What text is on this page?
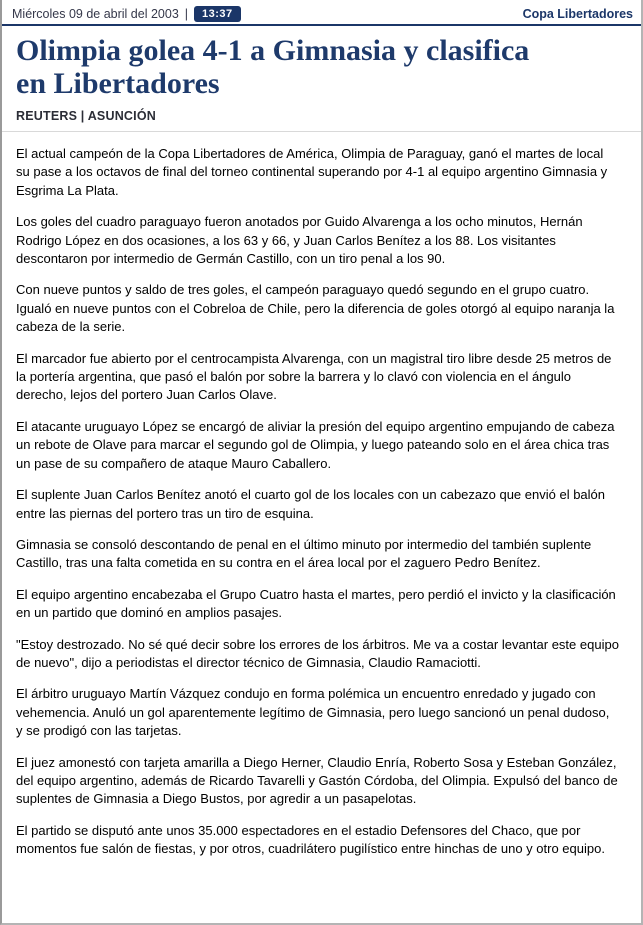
Miércoles 09 de abril del 2003 |	13:37	Copa Libertadores
Olimpia golea 4-1 a Gimnasia y clasifica
en Libertadores
REUTERS | ASUNCIÓN

El actual campeón de la Copa Libertadores de América, Olimpia de Paraguay, ganó el martes de local su pase a los octavos de final del torneo continental superando por 4-1 al equipo argentino Gimnasia y Esgrima La Plata.

Los goles del cuadro paraguayo fueron anotados por Guido Alvarenga a los ocho minutos, Hernán Rodrigo López en dos ocasiones, a los 63 y 66, y Juan Carlos Benítez a los 88. Los visitantes descontaron por intermedio de Germán Castillo, con un tiro penal a los 90.

Con nueve puntos y saldo de tres goles, el campeón paraguayo quedó segundo en el grupo cuatro. Igualó en nueve puntos con el Cobreloa de Chile, pero la diferencia de goles otorgó al equipo naranja la cabeza de la serie.

El marcador fue abierto por el centrocampista Alvarenga, con un magistral tiro libre desde 25 metros de la portería argentina, que pasó el balón por sobre la barrera y lo clavó con violencia en el ángulo derecho, lejos del portero Juan Carlos Olave.

El atacante uruguayo López se encargó de aliviar la presión del equipo argentino empujando de cabeza un rebote de Olave para marcar el segundo gol de Olimpia, y luego pateando solo en el área chica tras un pase de su compañero de ataque Mauro Caballero.

El suplente Juan Carlos Benítez anotó el cuarto gol de los locales con un cabezazo que envió el balón entre las piernas del portero tras un tiro de esquina.

Gimnasia se consoló descontando de penal en el último minuto por intermedio del también suplente Castillo, tras una falta cometida en su contra en el área local por el zaguero Pedro Benítez.

El equipo argentino encabezaba el Grupo Cuatro hasta el martes, pero perdió el invicto y la clasificación en un partido que dominó en amplios pasajes.

"Estoy destrozado. No sé qué decir sobre los errores de los árbitros. Me va a costar levantar este equipo de nuevo", dijo a periodistas el director técnico de Gimnasia, Claudio Ramaciotti.

El árbitro uruguayo Martín Vázquez condujo en forma polémica un encuentro enredado y jugado con vehemencia. Anuló un gol aparentemente legítimo de Gimnasia, pero luego sancionó un penal dudoso, y se prodigó con las tarjetas.

El juez amonestó con tarjeta amarilla a Diego Herner, Claudio Enría, Roberto Sosa y Esteban González, del equipo argentino, además de Ricardo Tavarelli y Gastón Córdoba, del Olimpia. Expulsó del banco de suplentes de Gimnasia a Diego Bustos, por agredir a un pasapelotas.

El partido se disputó ante unos 35.000 espectadores en el estadio Defensores del Chaco, que por momentos fue salón de fiestas, y por otros, cuadrilátero pugilístico entre hinchas de uno y otro equipo.
